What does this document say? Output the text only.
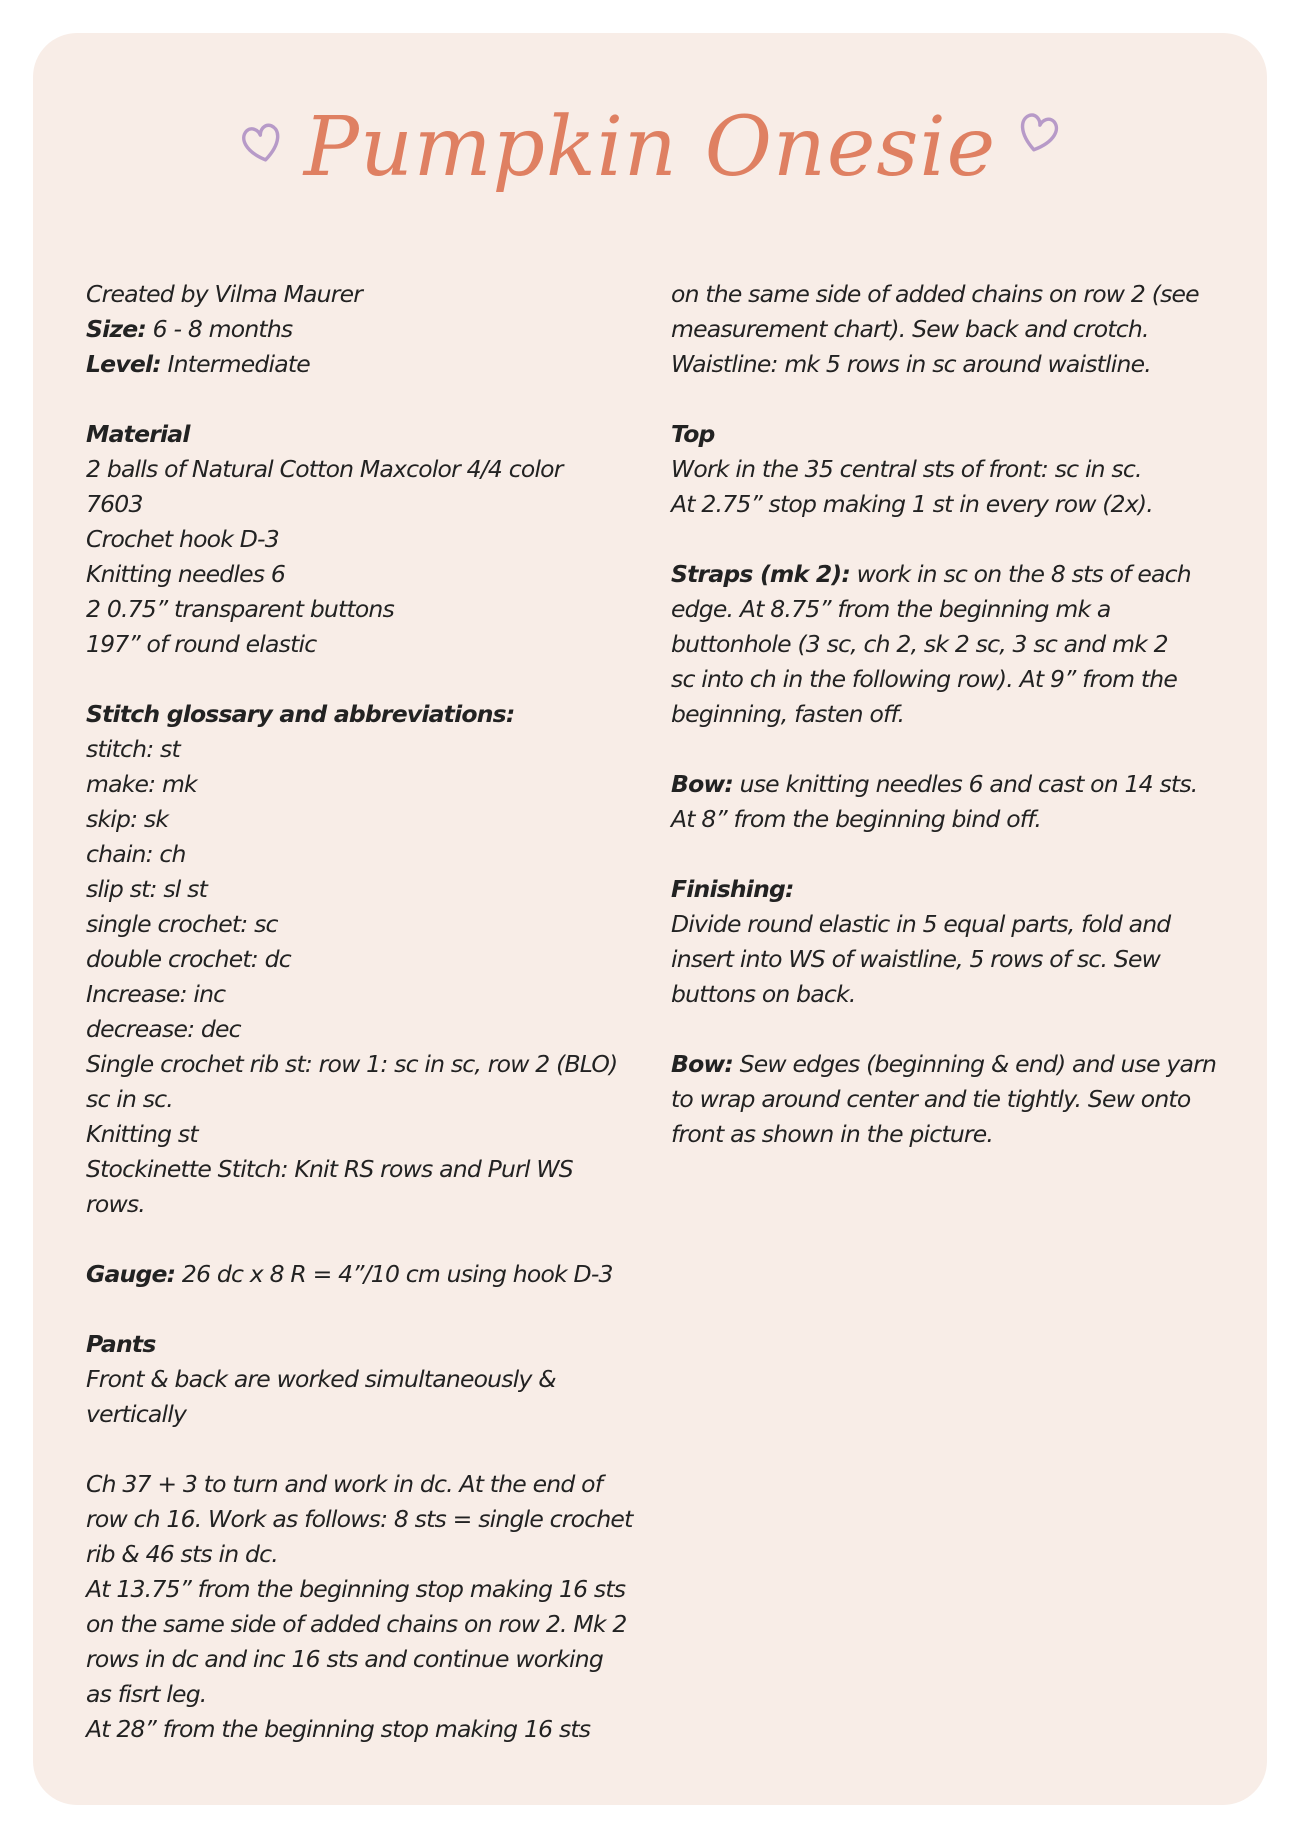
Pumpkin Onesie
Created by Vilma Maurer
Size: 6 - 8 months
Level: Intermediate
Material
2 balls of Natural Cotton Maxcolor 4/4 color
7603
Crochet hook D-3
Knitting needles 6
2 0.75” transparent buttons
197” of round elastic
Stitch glossary and abbreviations:
stitch: st
make: mk
skip: sk
chain: ch
slip st: sl st
single crochet: sc
double crochet: dc
Increase: inc
decrease: dec
Single crochet rib st: row 1: sc in sc, row 2 (BLO)
sc in sc.
Knitting st
Stockinette Stitch: Knit RS rows and Purl WS
rows.
Gauge: 26 dc x 8 R = 4”/10 cm using hook D-3
Pants
Front & back are worked simultaneously &
vertically
Ch 37 + 3 to turn and work in dc. At the end of
row ch 16. Work as follows: 8 sts = single crochet
rib & 46 sts in dc.
At 13.75” from the beginning stop making 16 sts
on the same side of added chains on row 2. Mk 2
rows in dc and inc 16 sts and continue working
as fisrt leg.
At 28” from the beginning stop making 16 sts
on the same side of added chains on row 2 (see
measurement chart). Sew back and crotch.
Waistline: mk 5 rows in sc around waistline.
Top
Work in the 35 central sts of front: sc in sc.
At 2.75” stop making 1 st in every row (2x).
Straps (mk 2): work in sc on the 8 sts of each
edge. At 8.75” from the beginning mk a
buttonhole (3 sc, ch 2, sk 2 sc, 3 sc and mk 2
sc into ch in the following row). At 9” from the
beginning, fasten off.
Bow: use knitting needles 6 and cast on 14 sts.
At 8” from the beginning bind off.
Finishing:
Divide round elastic in 5 equal parts, fold and
insert into WS of waistline, 5 rows of sc. Sew
buttons on back.
Bow: Sew edges (beginning & end) and use yarn
to wrap around center and tie tightly. Sew onto
front as shown in the picture.
